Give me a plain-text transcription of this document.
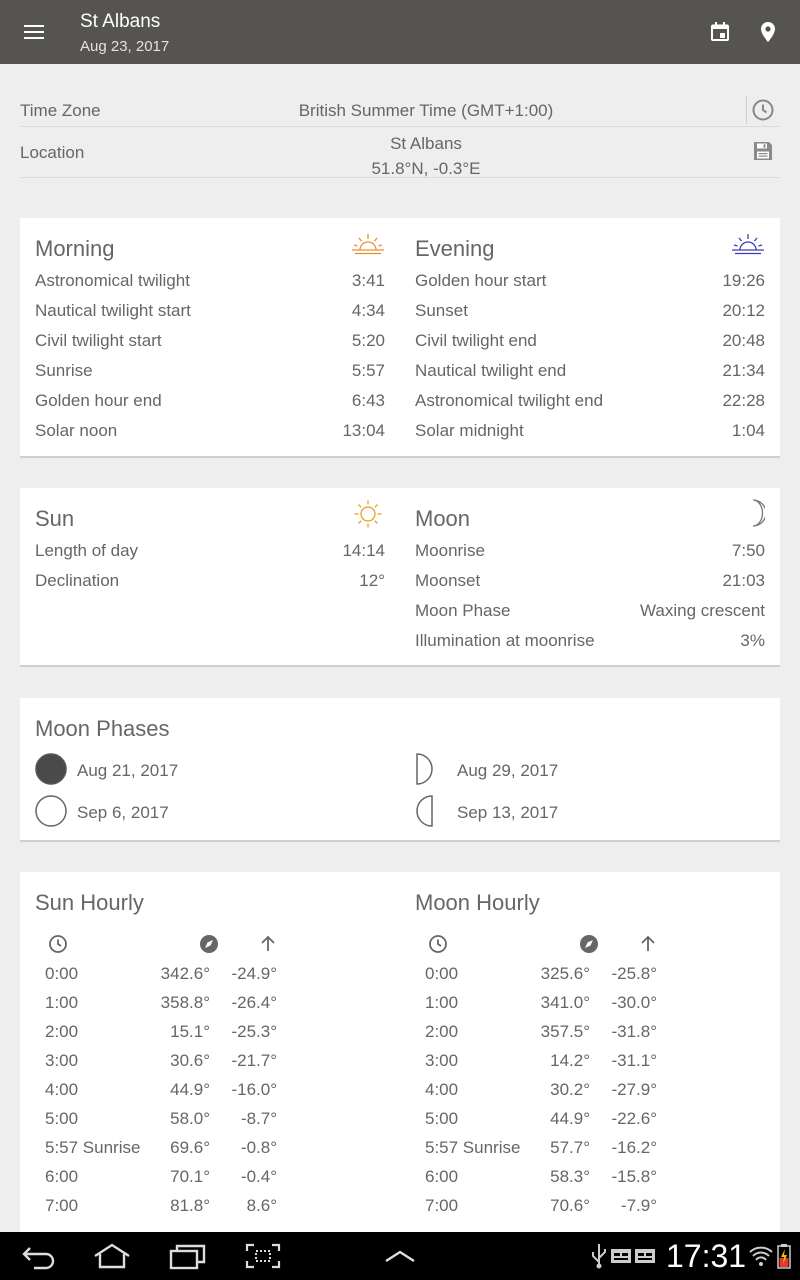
St Albans
Aug 23, 2017
Time Zone	British Summer Time (GMT+1:00)
Location	St Albans
51.8°N, -0.3°E
Morning
Astronomical twilight	3:41
Nautical twilight start	4:34
Civil twilight start	5:20
Sunrise	5:57
Golden hour end	6:43
Solar noon	13:04
Evening
Golden hour start	19:26
Sunset	20:12
Civil twilight end	20:48
Nautical twilight end	21:34
Astronomical twilight end	22:28
Solar midnight	1:04
Sun
Length of day	14:14
Declination	12°
Moon
Moonrise	7:50
Moonset	21:03
Moon Phase	Waxing crescent
Illumination at moonrise	3%
Moon Phases
Aug 21, 2017	Aug 29, 2017
Sep 6, 2017	Sep 13, 2017
Sun Hourly
0:00	342.6° -24.9°
1:00	358.8° -26.4°
2:00	15.1° -25.3°
3:00	30.6° -21.7°
4:00	44.9° -16.0°
5:00	58.0° -8.7°
5:57 Sunrise 69.6° -0.8°
6:00	70.1° -0.4°
7:00	81.8° 8.6°
Moon Hourly
0:00	325.6° -25.8°
1:00	341.0° -30.0°
2:00	357.5° -31.8°
3:00	14.2° -31.1°
4:00	30.2° -27.9°
5:00	44.9° -22.6°
5:57 Sunrise 57.7° -16.2°
6:00	58.3° -15.8°
7:00	70.6° -7.9°
17:31
